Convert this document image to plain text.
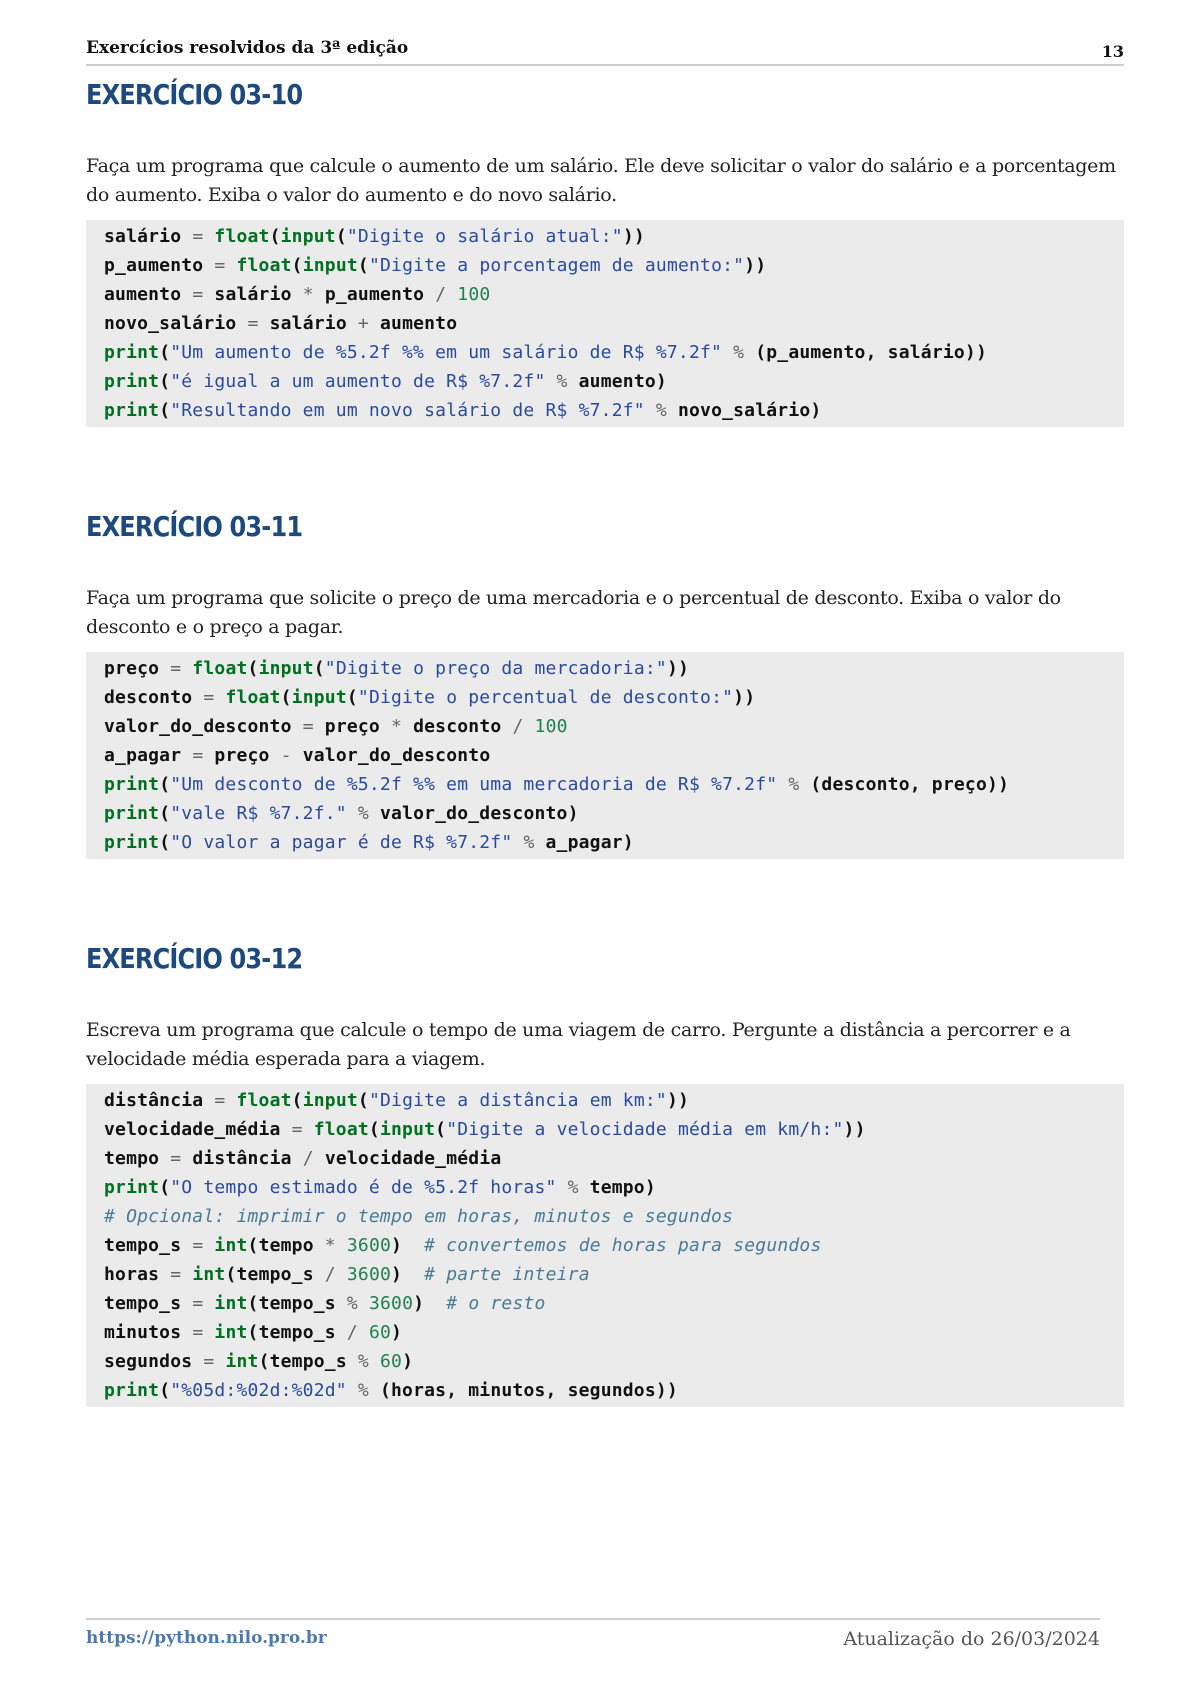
Exercícios resolvidos da 3ª edição	13
EXERCÍCIO 03-10
Faça um programa que calcule o aumento de um salário. Ele deve solicitar o valor do salário e a porcentagem do aumento. Exiba o valor do aumento e do novo salário.
salário = float(input("Digite o salário atual:"))
p_aumento = float(input("Digite a porcentagem de aumento:"))
aumento = salário * p_aumento / 100
novo_salário = salário + aumento
print("Um aumento de %5.2f %% em um salário de R$ %7.2f" % (p_aumento, salário))
print("é igual a um aumento de R$ %7.2f" % aumento)
print("Resultando em um novo salário de R$ %7.2f" % novo_salário)
EXERCÍCIO 03-11
Faça um programa que solicite o preço de uma mercadoria e o percentual de desconto. Exiba o valor do desconto e o preço a pagar.
preço = float(input("Digite o preço da mercadoria:"))
desconto = float(input("Digite o percentual de desconto:"))
valor_do_desconto = preço * desconto / 100
a_pagar = preço - valor_do_desconto
print("Um desconto de %5.2f %% em uma mercadoria de R$ %7.2f" % (desconto, preço))
print("vale R$ %7.2f." % valor_do_desconto)
print("O valor a pagar é de R$ %7.2f" % a_pagar)
EXERCÍCIO 03-12
Escreva um programa que calcule o tempo de uma viagem de carro. Pergunte a distância a percorrer e a velocidade média esperada para a viagem.
distância = float(input("Digite a distância em km:"))
velocidade_média = float(input("Digite a velocidade média em km/h:"))
tempo = distância / velocidade_média
print("O tempo estimado é de %5.2f horas" % tempo)
# Opcional: imprimir o tempo em horas, minutos e segundos
tempo_s = int(tempo * 3600)  # convertemos de horas para segundos
horas = int(tempo_s / 3600)  # parte inteira
tempo_s = int(tempo_s % 3600)  # o resto
minutos = int(tempo_s / 60)
segundos = int(tempo_s % 60)
print("%05d:%02d:%02d" % (horas, minutos, segundos))
https://python.nilo.pro.br	Atualização do 26/03/2024
